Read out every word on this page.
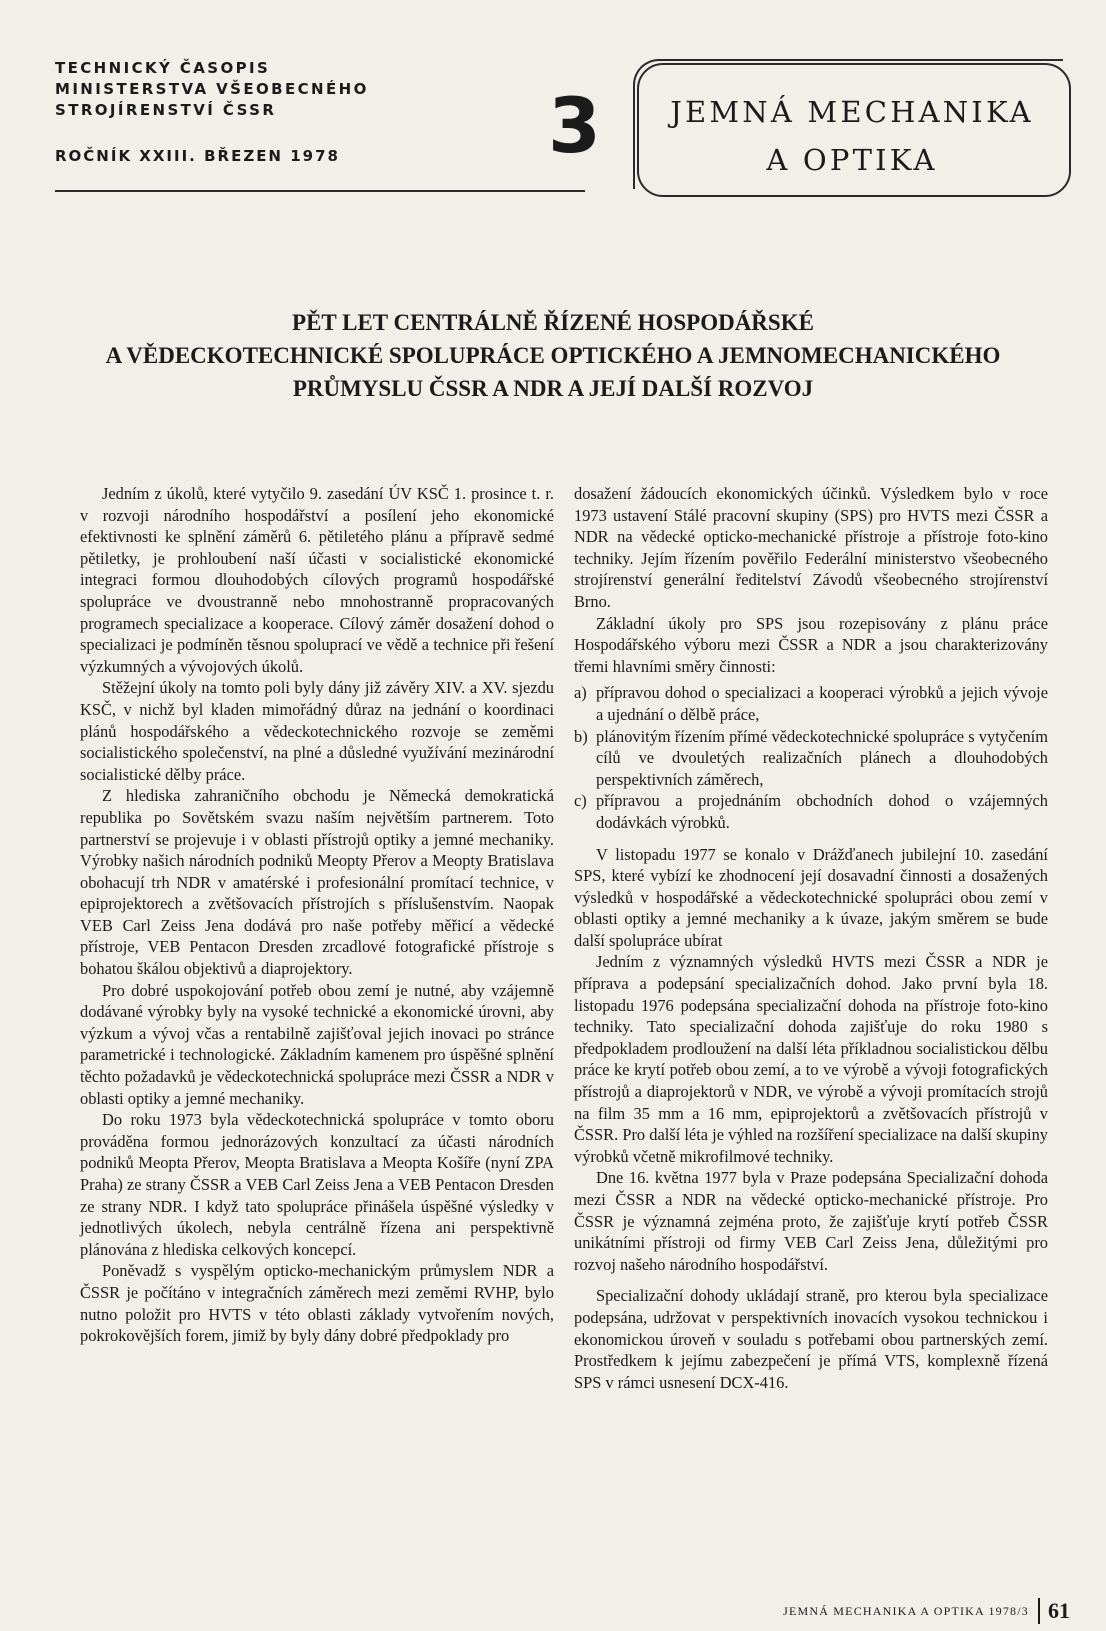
TECHNICKÝ ČASOPIS
MINISTERSTVA VŠEOBECNÉHO
STROJÍRENSTVÍ ČSSR
ROČNÍK XXIII. BŘEZEN 1978	3	JEMNÁ MECHANIKA
A OPTIKA
PĚT LET CENTRÁLNĚ ŘÍZENÉ HOSPODÁŘSKÉ
A VĚDECKOTECHNICKÉ SPOLUPRÁCE OPTICKÉHO A JEMNOMECHANICKÉHO
PRŮMYSLU ČSSR A NDR A JEJÍ DALŠÍ ROZVOJ

Jedním z úkolů, které vytyčilo 9. zasedání ÚV KSČ 1. prosince t. r. v rozvoji národního hospodářství a posílení jeho ekonomické efektivnosti ke splnění záměrů 6. pětiletého plánu a přípravě sedmé pětiletky, je prohloubení naší účasti v socialistické ekonomické integraci formou dlouhodobých cílových programů hospodářské spolupráce ve dvoustranně nebo mnohostranně propracovaných programech specializace a kooperace. Cílový záměr dosažení dohod o specializaci je podmíněn těsnou spoluprací ve vědě a technice při řešení výzkumných a vývojových úkolů.

Stěžejní úkoly na tomto poli byly dány již závěry XIV. a XV. sjezdu KSČ, v nichž byl kladen mimořádný důraz na jednání o koordinaci plánů hospodářského a vědeckotechnického rozvoje se zeměmi socialistického společenství, na plné a důsledné využívání mezinárodní socialistické dělby práce.

Z hlediska zahraničního obchodu je Německá demokratická republika po Sovětském svazu naším největším partnerem. Toto partnerství se projevuje i v oblasti přístrojů optiky a jemné mechaniky. Výrobky našich národních podniků Meopty Přerov a Meopty Bratislava obohacují trh NDR v amatérské i profesionální promítací technice, v epiprojektorech a zvětšovacích přístrojích s příslušenstvím. Naopak VEB Carl Zeiss Jena dodává pro naše potřeby měřicí a vědecké přístroje, VEB Pentacon Dresden zrcadlové fotografické přístroje s bohatou škálou objektivů a diaprojektory.

Pro dobré uspokojování potřeb obou zemí je nutné, aby vzájemně dodávané výrobky byly na vysoké technické a ekonomické úrovni, aby výzkum a vývoj včas a rentabilně zajišťoval jejich inovaci po stránce parametrické i technologické. Základním kamenem pro úspěšné splnění těchto požadavků je vědeckotechnická spolupráce mezi ČSSR a NDR v oblasti optiky a jemné mechaniky.

Do roku 1973 byla vědeckotechnická spolupráce v tomto oboru prováděna formou jednorázových konzultací za účasti národních podniků Meopta Přerov, Meopta Bratislava a Meopta Košíře (nyní ZPA Praha) ze strany ČSSR a VEB Carl Zeiss Jena a VEB Pentacon Dresden ze strany NDR. I když tato spolupráce přinášela úspěšné výsledky v jednotlivých úkolech, nebyla centrálně řízena ani perspektivně plánována z hlediska celkových koncepcí.

Poněvadž s vyspělým opticko-mechanickým průmyslem NDR a ČSSR je počítáno v integračních záměrech mezi zeměmi RVHP, bylo nutno položit pro HVTS v této oblasti základy vytvořením nových, pokrokovějších forem, jimiž by byly dány dobré předpoklady pro

dosažení žádoucích ekonomických účinků. Výsledkem bylo v roce 1973 ustavení Stálé pracovní skupiny (SPS) pro HVTS mezi ČSSR a NDR na vědecké opticko-mechanické přístroje a přístroje foto-kino techniky. Jejím řízením pověřilo Federální ministerstvo všeobecného strojírenství generální ředitelství Závodů všeobecného strojírenství Brno.

Základní úkoly pro SPS jsou rozepisovány z plánu práce Hospodářského výboru mezi ČSSR a NDR a jsou charakterizovány třemi hlavními směry činnosti:

a) přípravou dohod o specializaci a kooperaci výrobků a jejich vývoje a ujednání o dělbě práce,
b) plánovitým řízením přímé vědeckotechnické spolupráce s vytyčením cílů ve dvouletých realizačních plánech a dlouhodobých perspektivních záměrech,
c) přípravou a projednáním obchodních dohod o vzájemných dodávkách výrobků.

V listopadu 1977 se konalo v Drážďanech jubilejní 10. zasedání SPS, které vybízí ke zhodnocení její dosavadní činnosti a dosažených výsledků v hospodářské a vědeckotechnické spolupráci obou zemí v oblasti optiky a jemné mechaniky a k úvaze, jakým směrem se bude další spolupráce ubírat

Jedním z významných výsledků HVTS mezi ČSSR a NDR je příprava a podepsání specializačních dohod. Jako první byla 18. listopadu 1976 podepsána specializační dohoda na přístroje foto-kino techniky. Tato specializační dohoda zajišťuje do roku 1980 s předpokladem prodloužení na další léta příkladnou socialistickou dělbu práce ke krytí potřeb obou zemí, a to ve výrobě a vývoji fotografických přístrojů a diaprojektorů v NDR, ve výrobě a vývoji promítacích strojů na film 35 mm a 16 mm, epiprojektorů a zvětšovacích přístrojů v ČSSR. Pro další léta je výhled na rozšíření specializace na další skupiny výrobků včetně mikrofilmové techniky.

Dne 16. května 1977 byla v Praze podepsána Specializační dohoda mezi ČSSR a NDR na vědecké opticko-mechanické přístroje. Pro ČSSR je významná zejména proto, že zajišťuje krytí potřeb ČSSR unikátními přístroji od firmy VEB Carl Zeiss Jena, důležitými pro rozvoj našeho národního hospodářství.

Specializační dohody ukládají straně, pro kterou byla specializace podepsána, udržovat v perspektivních inovacích vysokou technickou i ekonomickou úroveň v souladu s potřebami obou partnerských zemí. Prostředkem k jejímu zabezpečení je přímá VTS, komplexně řízená SPS v rámci usnesení DCX-416.

JEMNÁ MECHANIKA A OPTIKA 1978/3 61
